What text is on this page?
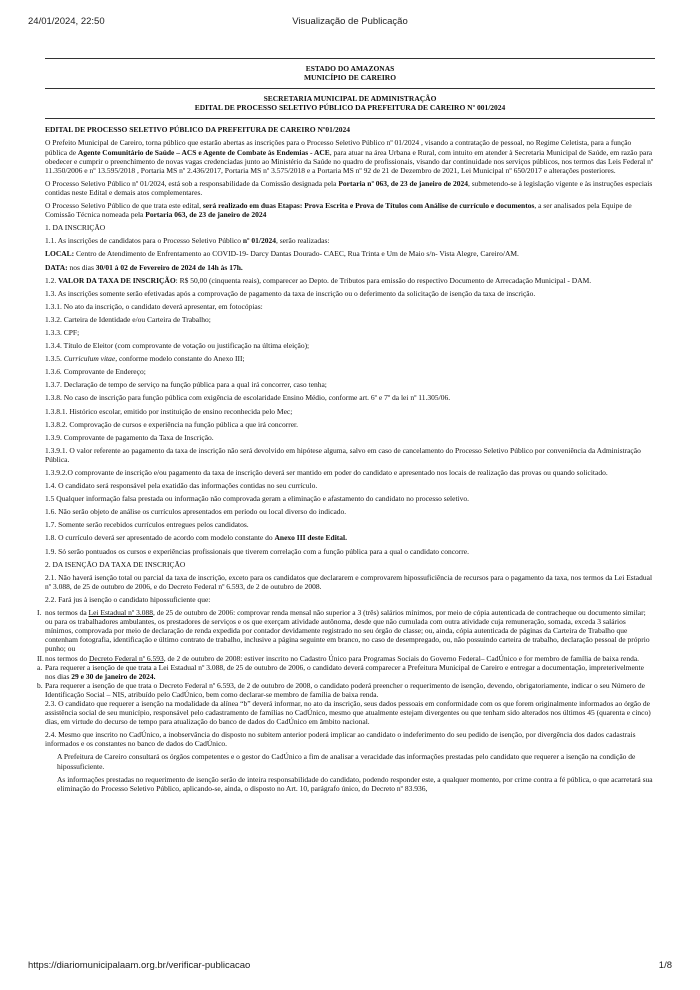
24/01/2024, 22:50	Visualização de Publicação
ESTADO DO AMAZONAS
MUNICÍPIO DE CAREIRO
SECRETARIA MUNICIPAL DE ADMINISTRAÇÃO
EDITAL DE PROCESSO SELETIVO PÚBLICO DA PREFEITURA DE CAREIRO Nº 001/2024

EDITAL DE PROCESSO SELETIVO PÚBLICO DA PREFEITURA DE CAREIRO Nº01/2024

O Prefeito Municipal de Careiro, torna público que estarão abertas as inscrições para o Processo Seletivo Público nº 01/2024 , visando a contratação de pessoal, no Regime Celetista, para a função pública de Agente Comunitário de Saúde – ACS e Agente de Combate às Endemias - ACE, para atuar na área Urbana e Rural, com intuito em atender à Secretaria Municipal de Saúde, em razão para obedecer e cumprir o preenchimento de novas vagas credenciadas junto ao Ministério da Saúde no quadro de profissionais, visando dar continuidade nos serviços públicos, nos termos das Leis Federal nº 11.350/2006 e nº 13.595/2018 , Portaria MS nº 2.436/2017, Portaria MS nº 3.575/2018 e a Portaria MS nº 92 de 21 de Dezembro de 2021, Lei Municipal nº 650/2017 e alterações posteriores.

O Processo Seletivo Público nº 01/2024, está sob a responsabilidade da Comissão designada pela Portaria nº 063, de 23 de janeiro de 2024, submetendo-se à legislação vigente e às instruções especiais contidas neste Edital e demais atos complementares.

O Processo Seletivo Público de que trata este edital, será realizado em duas Etapas: Prova Escrita e Prova de Títulos com Análise de currículo e documentos, a ser analisados pela Equipe de Comissão Técnica nomeada pela Portaria 063, de 23 de janeiro de 2024

1. DA INSCRIÇÃO

1.1. As inscrições de candidatos para o Processo Seletivo Público nº 01/2024, serão realizadas:

LOCAL: Centro de Atendimento de Enfrentamento ao COVID-19- Darcy Dantas Dourado- CAEC, Rua Trinta e Um de Maio s/n- Vista Alegre, Careiro/AM.

DATA: nos dias 30/01 à 02 de Fevereiro de 2024 de 14h às 17h.

1.2. VALOR DA TAXA DE INSCRIÇÃO: R$ 50,00 (cinquenta reais), comparecer ao Depto. de Tributos para emissão do respectivo Documento de Arrecadação Municipal - DAM.

1.3. As inscrições somente serão efetivadas após a comprovação de pagamento da taxa de inscrição ou o deferimento da solicitação de isenção da taxa de inscrição.

1.3.1. No ato da inscrição, o candidato deverá apresentar, em fotocópias:

1.3.2. Carteira de Identidade e/ou Carteira de Trabalho;

1.3.3. CPF;

1.3.4. Título de Eleitor (com comprovante de votação ou justificação na última eleição);

1.3.5. Curriculum vitae, conforme modelo constante do Anexo III;

1.3.6. Comprovante de Endereço;

1.3.7. Declaração de tempo de serviço na função pública para a qual irá concorrer, caso tenha;

1.3.8. No caso de inscrição para função pública com exigência de escolaridade Ensino Médio, conforme art. 6º e 7º da lei nº 11.305/06.

1.3.8.1. Histórico escolar, emitido por instituição de ensino reconhecida pelo Mec;

1.3.8.2. Comprovação de cursos e experiência na função pública a que irá concorrer.

1.3.9. Comprovante de pagamento da Taxa de Inscrição.

1.3.9.1. O valor referente ao pagamento da taxa de inscrição não será devolvido em hipótese alguma, salvo em caso de cancelamento do Processo Seletivo Público por conveniência da Administração Pública.

1.3.9.2.O comprovante de inscrição e/ou pagamento da taxa de inscrição deverá ser mantido em poder do candidato e apresentado nos locais de realização das provas ou quando solicitado.

1.4. O candidato será responsável pela exatidão das informações contidas no seu currículo.

1.5 Qualquer informação falsa prestada ou informação não comprovada geram a eliminação e afastamento do candidato no processo seletivo.

1.6. Não serão objeto de análise os currículos apresentados em período ou local diverso do indicado.

1.7. Somente serão recebidos currículos entregues pelos candidatos.

1.8. O currículo deverá ser apresentado de acordo com modelo constante do Anexo III deste Edital.

1.9. Só serão pontuados os cursos e experiências profissionais que tiverem correlação com a função pública para a qual o candidato concorre.

2. DA ISENÇÃO DA TAXA DE INSCRIÇÃO

2.1. Não haverá isenção total ou parcial da taxa de inscrição, exceto para os candidatos que declararem e comprovarem hipossuficiência de recursos para o pagamento da taxa, nos termos da Lei Estadual nº 3.088, de 25 de outubro de 2006, e do Decreto Federal nº 6.593, de 2 de outubro de 2008.

2.2. Fará jus à isenção o candidato hipossuficiente que:

I. nos termos da Lei Estadual nº 3.088, de 25 de outubro de 2006: comprovar renda mensal não superior a 3 (três) salários mínimos, por meio de cópia autenticada de contracheque ou documento similar; ou para os trabalhadores ambulantes, os prestadores de serviços e os que exerçam atividade autônoma, desde que não cumulada com outra atividade cuja remuneração, somada, exceda 3 salários mínimos, comprovada por meio de declaração de renda expedida por contador devidamente registrado no seu órgão de classe; ou, ainda, cópia autenticada de páginas da Carteira de Trabalho que contenham fotografia, identificação e último contrato de trabalho, inclusive a página seguinte em branco, no caso de desempregado, ou, não possuindo carteira de trabalho, declaração pessoal de próprio punho; ou
II. nos termos do Decreto Federal nº 6.593, de 2 de outubro de 2008: estiver inscrito no Cadastro Único para Programas Sociais do Governo Federal– CadÚnico e for membro de família de baixa renda.
a. Para requerer a isenção de que trata a Lei Estadual nº 3.088, de 25 de outubro de 2006, o candidato deverá comparecer a Prefeitura Municipal de Careiro e entregar a documentação, impreterivelmente nos dias 29 e 30 de janeiro de 2024.
b. Para requerer a isenção de que trata o Decreto Federal nº 6.593, de 2 de outubro de 2008, o candidato poderá preencher o requerimento de isenção, devendo, obrigatoriamente, indicar o seu Número de Identificação Social – NIS, atribuído pelo CadÚnico, bem como declarar-se membro de família de baixa renda.
2.3. O candidato que requerer a isenção na modalidade da alínea “b” deverá informar, no ato da inscrição, seus dados pessoais em conformidade com os que forem originalmente informados ao órgão de assistência social de seu município, responsável pelo cadastramento de famílias no CadÚnico, mesmo que atualmente estejam divergentes ou que tenham sido alterados nos últimos 45 (quarenta e cinco) dias, em virtude do decurso de tempo para atualização do banco de dados do CadÚnico em âmbito nacional.

2.4. Mesmo que inscrito no CadÚnico, a inobservância do disposto no subitem anterior poderá implicar ao candidato o indeferimento do seu pedido de isenção, por divergência dos dados cadastrais informados e os constantes no banco de dados do CadÚnico.

A Prefeitura de Careiro consultará os órgãos competentes e o gestor do CadÚnico a fim de analisar a veracidade das informações prestadas pelo candidato que requerer a isenção na condição de hipossuficiente.

As informações prestadas no requerimento de isenção serão de inteira responsabilidade do candidato, podendo responder este, a qualquer momento, por crime contra a fé pública, o que acarretará sua eliminação do Processo Seletivo Público, aplicando-se, ainda, o disposto no Art. 10, parágrafo único, do Decreto nº 83.936,

https://diariomunicipalaam.org.br/verificar-publicacao	1/8
